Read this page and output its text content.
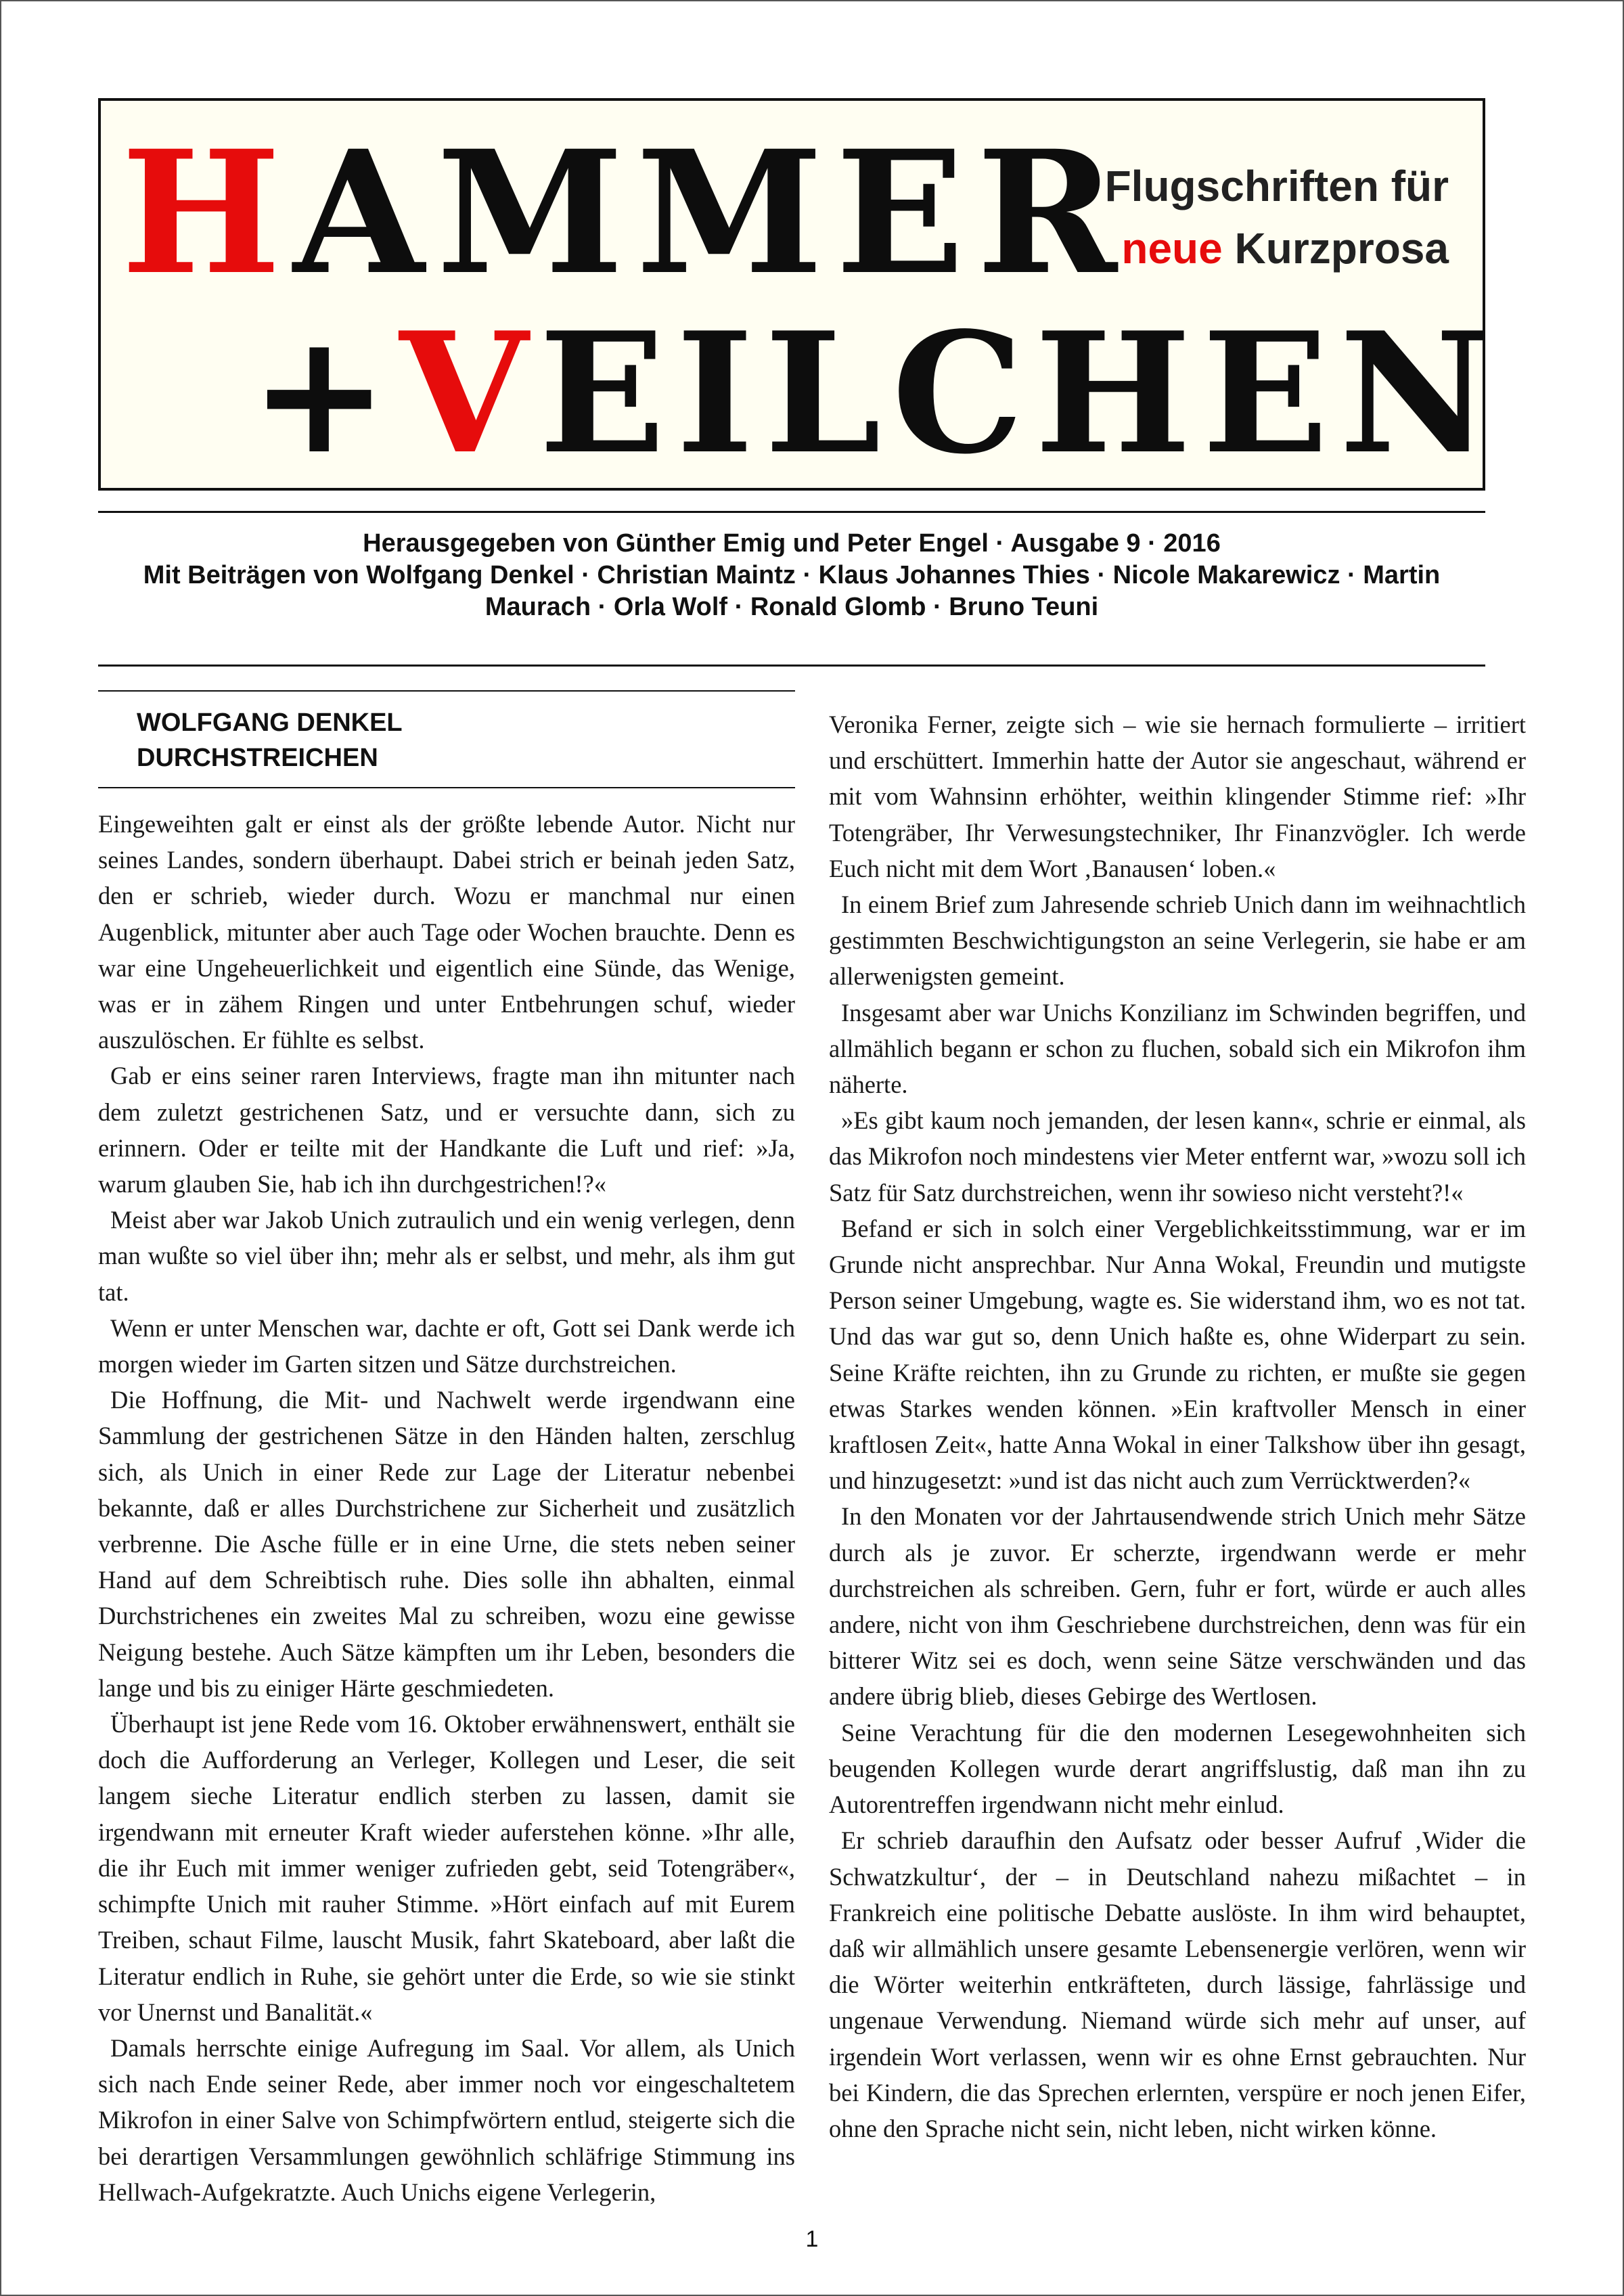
HAMMER
+VEILCHEN
Flugschriften für
neue Kurzprosa
Herausgegeben von Günther Emig und Peter Engel · Ausgabe 9 · 2016
Mit Beiträgen von Wolfgang Denkel · Christian Maintz · Klaus Johannes Thies · Nicole Makarewicz · Martin
Maurach · Orla Wolf · Ronald Glomb · Bruno Teuni
WOLFGANG DENKEL
DURCHSTREICHEN

Eingeweihten galt er einst als der größte lebende Autor. Nicht nur seines Landes, sondern überhaupt. Dabei strich er beinah jeden Satz, den er schrieb, wieder durch. Wozu er manchmal nur einen Augenblick, mitunter aber auch Tage oder Wochen brauchte. Denn es war eine Ungeheuerlichkeit und eigentlich eine Sünde, das Wenige, was er in zähem Ringen und unter Entbehrungen schuf, wieder auszulöschen. Er fühlte es selbst.

Gab er eins seiner raren Interviews, fragte man ihn mitunter nach dem zuletzt gestrichenen Satz, und er versuchte dann, sich zu erinnern. Oder er teilte mit der Handkante die Luft und rief: »Ja, warum glauben Sie, hab ich ihn durchgestrichen!?«

Meist aber war Jakob Unich zutraulich und ein wenig verlegen, denn man wußte so viel über ihn; mehr als er selbst, und mehr, als ihm gut tat.

Wenn er unter Menschen war, dachte er oft, Gott sei Dank werde ich morgen wieder im Garten sitzen und Sätze durchstreichen.

Die Hoffnung, die Mit- und Nachwelt werde irgendwann eine Sammlung der gestrichenen Sätze in den Händen halten, zerschlug sich, als Unich in einer Rede zur Lage der Literatur nebenbei bekannte, daß er alles Durchstrichene zur Sicherheit und zusätzlich verbrenne. Die Asche fülle er in eine Urne, die stets neben seiner Hand auf dem Schreibtisch ruhe. Dies solle ihn abhalten, einmal Durchstrichenes ein zweites Mal zu schreiben, wozu eine gewisse Neigung bestehe. Auch Sätze kämpften um ihr Leben, besonders die lange und bis zu einiger Härte geschmiedeten.

Überhaupt ist jene Rede vom 16. Oktober erwähnenswert, enthält sie doch die Aufforderung an Verleger, Kollegen und Leser, die seit langem sieche Literatur endlich sterben zu lassen, damit sie irgendwann mit erneuter Kraft wieder auferstehen könne. »Ihr alle, die ihr Euch mit immer weniger zufrieden gebt, seid Totengräber«, schimpfte Unich mit rauher Stimme. »Hört einfach auf mit Eurem Treiben, schaut Filme, lauscht Musik, fahrt Skateboard, aber laßt die Literatur endlich in Ruhe, sie gehört unter die Erde, so wie sie stinkt vor Unernst und Banalität.«

Damals herrschte einige Aufregung im Saal. Vor allem, als Unich sich nach Ende seiner Rede, aber immer noch vor eingeschaltetem Mikrofon in einer Salve von Schimpfwörtern entlud, steigerte sich die bei derartigen Versammlungen gewöhnlich schläfrige Stimmung ins Hellwach-Aufgekratzte. Auch Unichs eigene Verlegerin,

Veronika Ferner, zeigte sich – wie sie hernach formulierte – irritiert und erschüttert. Immerhin hatte der Autor sie angeschaut, während er mit vom Wahnsinn erhöhter, weithin klingender Stimme rief: »Ihr Totengräber, Ihr Verwesungstechniker, Ihr Finanzvögler. Ich werde Euch nicht mit dem Wort ‚Banausen‘ loben.«

In einem Brief zum Jahresende schrieb Unich dann im weihnachtlich gestimmten Beschwichtigungston an seine Verlegerin, sie habe er am allerwenigsten gemeint.

Insgesamt aber war Unichs Konzilianz im Schwinden begriffen, und allmählich begann er schon zu fluchen, sobald sich ein Mikrofon ihm näherte.

»Es gibt kaum noch jemanden, der lesen kann«, schrie er einmal, als das Mikrofon noch mindestens vier Meter entfernt war, »wozu soll ich Satz für Satz durchstreichen, wenn ihr sowieso nicht versteht?!«

Befand er sich in solch einer Vergeblichkeitsstimmung, war er im Grunde nicht ansprechbar. Nur Anna Wokal, Freundin und mutigste Person seiner Umgebung, wagte es. Sie widerstand ihm, wo es not tat. Und das war gut so, denn Unich haßte es, ohne Widerpart zu sein. Seine Kräfte reichten, ihn zu Grunde zu richten, er mußte sie gegen etwas Starkes wenden können. »Ein kraftvoller Mensch in einer kraftlosen Zeit«, hatte Anna Wokal in einer Talkshow über ihn gesagt, und hinzugesetzt: »und ist das nicht auch zum Verrücktwerden?«

In den Monaten vor der Jahrtausendwende strich Unich mehr Sätze durch als je zuvor. Er scherzte, irgendwann werde er mehr durchstreichen als schreiben. Gern, fuhr er fort, würde er auch alles andere, nicht von ihm Geschriebene durchstreichen, denn was für ein bitterer Witz sei es doch, wenn seine Sätze verschwänden und das andere übrig blieb, dieses Gebirge des Wertlosen.

Seine Verachtung für die den modernen Lesegewohnheiten sich beugenden Kollegen wurde derart angriffslustig, daß man ihn zu Autorentreffen irgendwann nicht mehr einlud.

Er schrieb daraufhin den Aufsatz oder besser Aufruf ‚Wider die Schwatzkultur‘, der – in Deutschland nahezu mißachtet – in Frankreich eine politische Debatte auslöste. In ihm wird behauptet, daß wir allmählich unsere gesamte Lebensenergie verlören, wenn wir die Wörter weiterhin entkräfteten, durch lässige, fahrlässige und ungenaue Verwendung. Niemand würde sich mehr auf unser, auf irgendein Wort verlassen, wenn wir es ohne Ernst gebrauchten. Nur bei Kindern, die das Sprechen erlernten, verspüre er noch jenen Eifer, ohne den Sprache nicht sein, nicht leben, nicht wirken könne.

1
